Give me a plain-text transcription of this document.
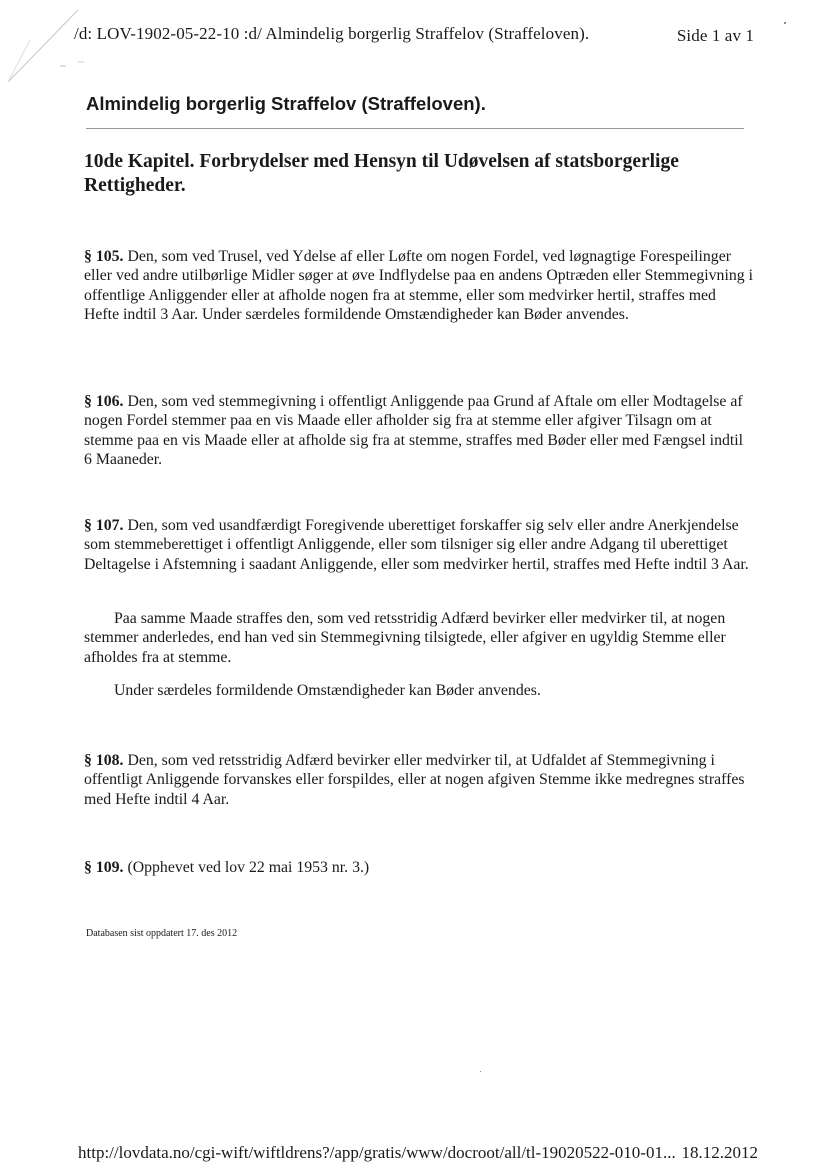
/d: LOV-1902-05-22-10 :d/ Almindelig borgerlig Straffelov (Straffeloven).	Side 1 av 1
Almindelig borgerlig Straffelov (Straffeloven).
10de Kapitel. Forbrydelser med Hensyn til Udøvelsen af statsborgerlige Rettigheder.

§ 105. Den, som ved Trusel, ved Ydelse af eller Løfte om nogen Fordel, ved løgnagtige Forespeilinger eller ved andre utilbørlige Midler søger at øve Indflydelse paa en andens Optræden eller Stemmegivning i offentlige Anliggender eller at afholde nogen fra at stemme, eller som medvirker hertil, straffes med Hefte indtil 3 Aar. Under særdeles formildende Omstændigheder kan Bøder anvendes.

§ 106. Den, som ved stemmegivning i offentligt Anliggende paa Grund af Aftale om eller Modtagelse af nogen Fordel stemmer paa en vis Maade eller afholder sig fra at stemme eller afgiver Tilsagn om at stemme paa en vis Maade eller at afholde sig fra at stemme, straffes med Bøder eller med Fængsel indtil 6 Maaneder.

§ 107. Den, som ved usandfærdigt Foregivende uberettiget forskaffer sig selv eller andre Anerkjendelse som stemmeberettiget i offentligt Anliggende, eller som tilsniger sig eller andre Adgang til uberettiget Deltagelse i Afstemning i saadant Anliggende, eller som medvirker hertil, straffes med Hefte indtil 3 Aar.

Paa samme Maade straffes den, som ved retsstridig Adfærd bevirker eller medvirker til, at nogen stemmer anderledes, end han ved sin Stemmegivning tilsigtede, eller afgiver en ugyldig Stemme eller afholdes fra at stemme.

Under særdeles formildende Omstændigheder kan Bøder anvendes.

§ 108. Den, som ved retsstridig Adfærd bevirker eller medvirker til, at Udfaldet af Stemmegivning i offentligt Anliggende forvanskes eller forspildes, eller at nogen afgiven Stemme ikke medregnes straffes med Hefte indtil 4 Aar.

§ 109. (Opphevet ved lov 22 mai 1953 nr. 3.)

Databasen sist oppdatert 17. des 2012
http://lovdata.no/cgi-wift/wiftldrens?/app/gratis/www/docroot/all/tl-19020522-010-01... 18.12.2012
